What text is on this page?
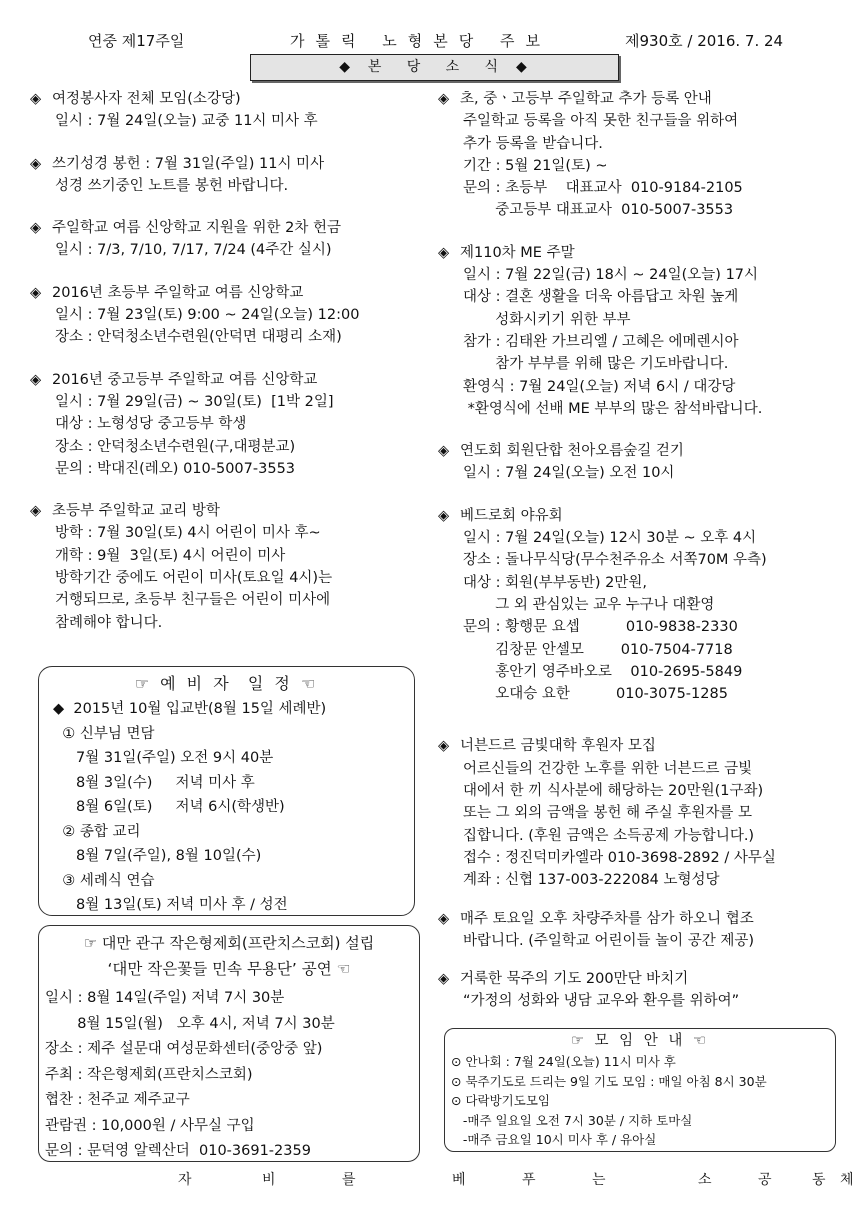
연중 제17주일	가톨릭 노형본당 주보	제930호 / 2016. 7. 24
◆  본   당   소   식  ◆
◈ 여정봉사자 전체 모임(소강당)
일시 : 7월 24일(오늘) 교중 11시 미사 후
◈ 쓰기성경 봉헌 : 7월 31일(주일) 11시 미사
성경 쓰기중인 노트를 봉헌 바랍니다.
◈ 주일학교 여름 신앙학교 지원을 위한 2차 헌금
일시 : 7/3, 7/10, 7/17, 7/24 (4주간 실시)
◈ 2016년 초등부 주일학교 여름 신앙학교
일시 : 7월 23일(토) 9:00 ~ 24일(오늘) 12:00
장소 : 안덕청소년수련원(안덕면 대평리 소재)
◈ 2016년 중고등부 주일학교 여름 신앙학교
일시 : 7월 29일(금) ~ 30일(토)  [1박 2일]
대상 : 노형성당 중고등부 학생
장소 : 안덕청소년수련원(구,대평분교)
문의 : 박대진(레오) 010-5007-3553
◈ 초등부 주일학교 교리 방학
방학 : 7월 30일(토) 4시 어린이 미사 후~
개학 : 9월  3일(토) 4시 어린이 미사
방학기간 중에도 어린이 미사(토요일 4시)는
거행되므로, 초등부 친구들은 어린이 미사에
참례해야 합니다.
◈ 초, 중ㆍ고등부 주일학교 추가 등록 안내
주일학교 등록을 아직 못한 친구들을 위하여
추가 등록을 받습니다.
기간 : 5월 21일(토) ~
문의 : 초등부    대표교사  010-9184-2105
중고등부 대표교사  010-5007-3553
◈ 제110차 ME 주말
일시 : 7월 22일(금) 18시 ~ 24일(오늘) 17시
대상 : 결혼 생활을 더욱 아름답고 차원 높게
성화시키기 위한 부부
참가 : 김태완 가브리엘 / 고혜은 에메렌시아
참가 부부를 위해 많은 기도바랍니다.
환영식 : 7월 24일(오늘) 저녁 6시 / 대강당
*환영식에 선배 ME 부부의 많은 참석바랍니다.
◈ 연도회 회원단합 천아오름숲길 걷기
일시 : 7월 24일(오늘) 오전 10시
◈ 베드로회 야유회
일시 : 7월 24일(오늘) 12시 30분 ~ 오후 4시
장소 : 돌나무식당(무수천주유소 서쪽70M 우측)
대상 : 회원(부부동반) 2만원,
그 외 관심있는 교우 누구나 대환영
문의 : 황행문 요셉          010-9838-2330
김창문 안셀모        010-7504-7718
홍안기 영주바오로    010-2695-5849
오대승 요한          010-3075-1285
◈ 너븐드르 금빛대학 후원자 모집
어르신들의 건강한 노후를 위한 너븐드르 금빛
대에서 한 끼 식사분에 해당하는 20만원(1구좌)
또는 그 외의 금액을 봉헌 해 주실 후원자를 모
집합니다. (후원 금액은 소득공제 가능합니다.)
접수 : 정진덕미카엘라 010-3698-2892 / 사무실
계좌 : 신협 137-003-222084 노형성당
◈ 매주 토요일 오후 차량주차를 삼가 하오니 협조
바랍니다. (주일학교 어린이들 놀이 공간 제공)
◈ 거룩한 묵주의 기도 200만단 바치기
“가정의 성화와 냉담 교우와 환우를 위하여”
☞ 예 비 자  일 정 ☜
◆  2015년 10월 입교반(8월 15일 세례반)
① 신부님 면담
7월 31일(주일) 오전 9시 40분
8월 3일(수)     저녁 미사 후
8월 6일(토)     저녁 6시(학생반)
② 종합 교리
8월 7일(주일), 8월 10일(수)
③ 세례식 연습
8월 13일(토) 저녁 미사 후 / 성전
☞ 대만 관구 작은형제회(프란치스코회) 설립
‘대만 작은꽃들 민속 무용단’ 공연 ☜
일시 : 8월 14일(주일) 저녁 7시 30분
8월 15일(월)   오후 4시, 저녁 7시 30분
장소 : 제주 설문대 여성문화센터(중앙중 앞)
주최 : 작은형제회(프란치스코회)
협찬 : 천주교 제주교구
관람권 : 10,000원 / 사무실 구입
문의 : 문덕영 알렉산더  010-3691-2359
☞ 모 임 안 내 ☜
⊙ 안나회 : 7월 24일(오늘) 11시 미사 후
⊙ 묵주기도로 드리는 9일 기도 모임 : 매일 아침 8시 30분
⊙ 다락방기도모임
-매주 일요일 오전 7시 30분 / 지하 토마실
-매주 금요일 10시 미사 후 / 유아실
자	비	를	베	푸	는	소	공	동 체
